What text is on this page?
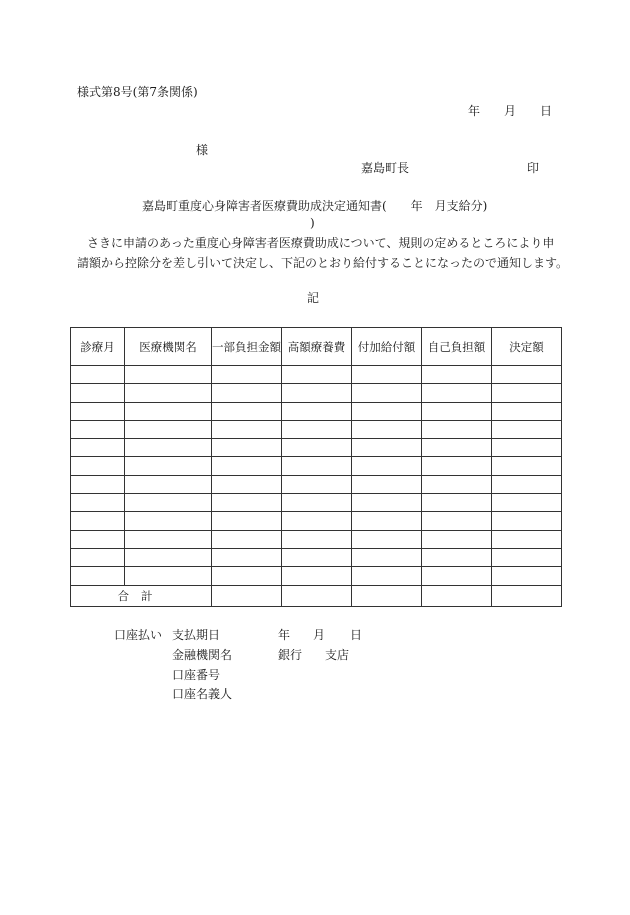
様式第8号(第7条関係)
年 月 日
様
嘉島町長	印
嘉島町重度心身障害者医療費助成決定通知書(　　年　月支給分)
)
さきに申請のあった重度心身障害者医療費助成について、規則の定めるところにより申
請額から控除分を差し引いて決定し、下記のとおり給付することになったので通知します。
記
診療月	医療機関名	一部負担金額	高額療養費	付加給付額	自己負担額	決定額

合計						
口座払い 支払期日	年 月 日
金融機関名	銀行 支店
口座番号
口座名義人
